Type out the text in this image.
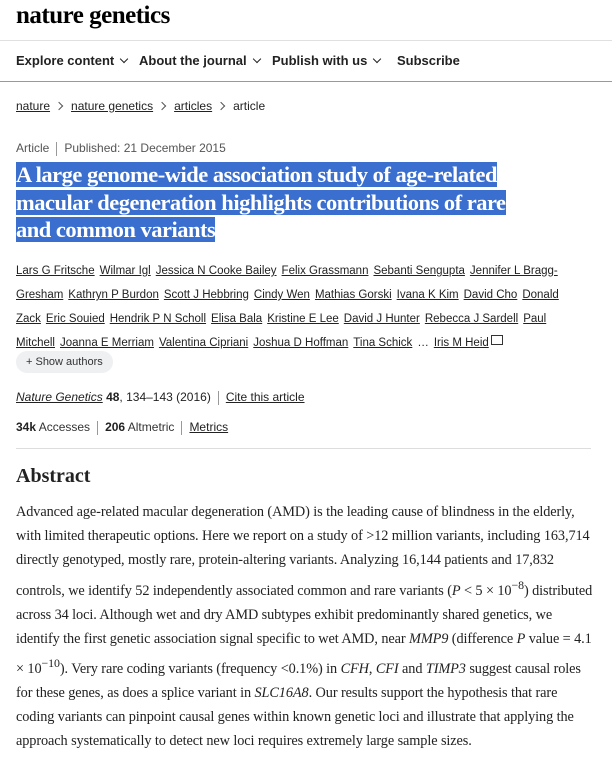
nature genetics
Explore content	About the journal	Publish with us	Subscribe
nature nature genetics articles article
Article Published: 21 December 2015
A large genome-wide association study of age-related
macular degeneration highlights contributions of rare
and common variants
Lars G Fritsche Wilmar Igl Jessica N Cooke Bailey Felix Grassmann Sebanti Sengupta Jennifer L Bragg-Gresham Kathryn P Burdon Scott J Hebbring Cindy Wen Mathias Gorski Ivana K Kim David Cho Donald Zack Eric Souied Hendrik P N Scholl Elisa Bala Kristine E Lee David J Hunter Rebecca J Sardell Paul Mitchell Joanna E Merriam Valentina Cipriani Joshua D Hoffman Tina Schick … Iris M Heid
+ Show authors
Nature Genetics 48, 134–143 (2016) Cite this article
34k Accesses 206 Altmetric Metrics
Abstract
Advanced age-related macular degeneration (AMD) is the leading cause of blindness in the elderly, with limited therapeutic options. Here we report on a study of >12 million variants, including 163,714 directly genotyped, mostly rare, protein-altering variants. Analyzing 16,144 patients and 17,832 controls, we identify 52 independently associated common and rare variants $(P < 5 \times 10^{-8})$ distributed across 34 loci. Although wet and dry AMD subtypes exhibit predominantly shared genetics, we identify the first genetic association signal specific to wet AMD, near MMP9 (difference P value = $4.1 \times 10^{-10}$). Very rare coding variants (frequency <0.1%) in CFH, CFI and TIMP3 suggest causal roles for these genes, as does a splice variant in SLC16A8. Our results support the hypothesis that rare coding variants can pinpoint causal genes within known genetic loci and illustrate that applying the approach systematically to detect new loci requires extremely large sample sizes.
